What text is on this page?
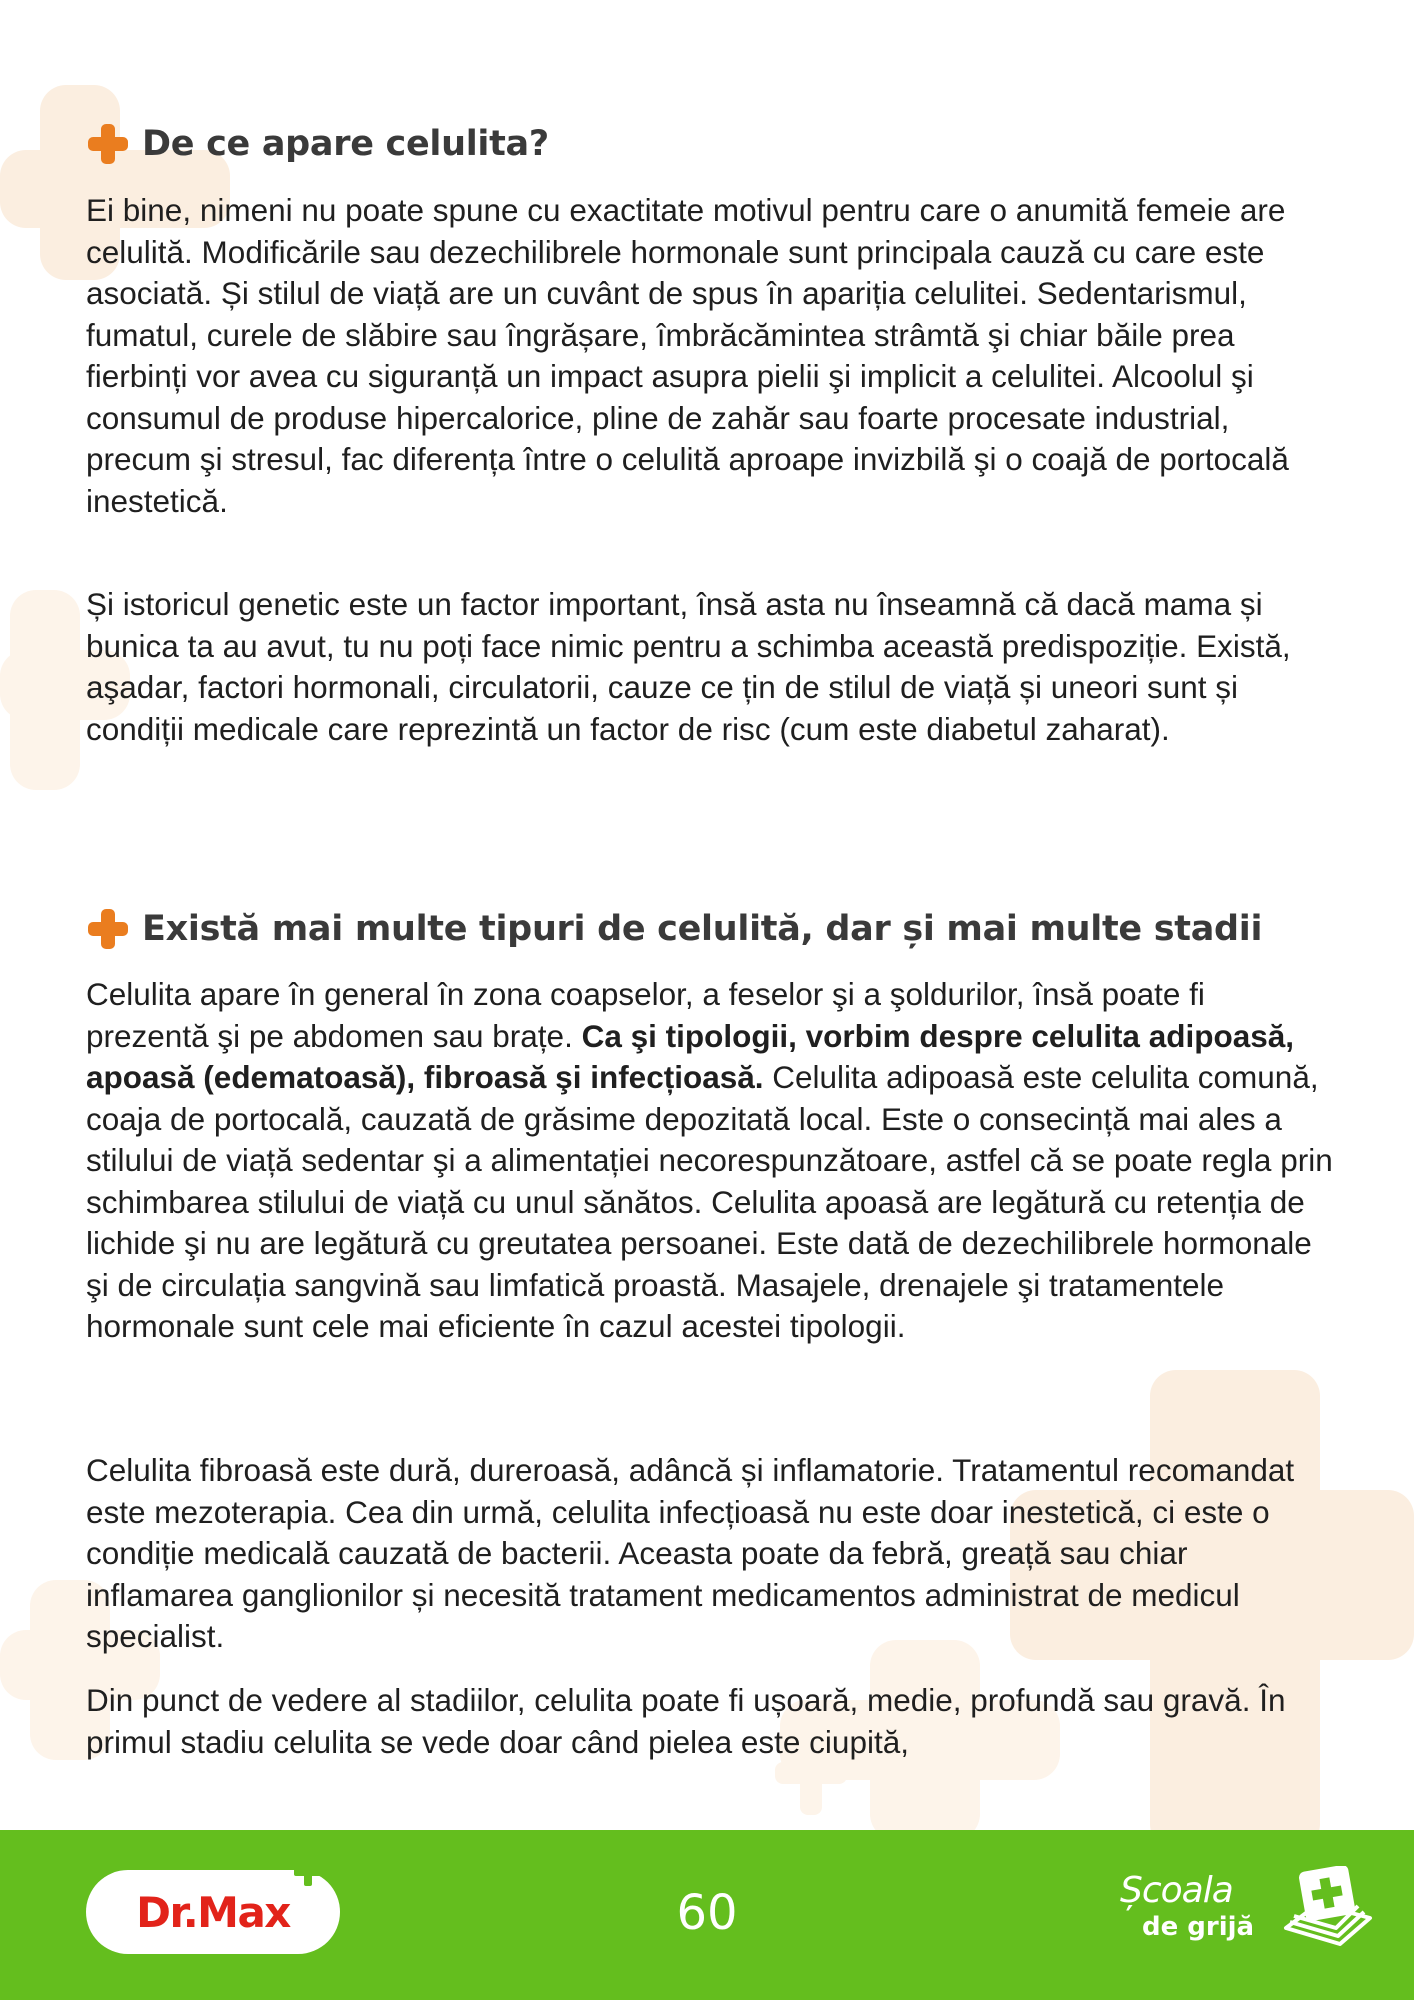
De ce apare celulita?

Ei bine, nimeni nu poate spune cu exactitate motivul pentru care o anumită femeie are celulită. Modificările sau dezechilibrele hormonale sunt principala cauză cu care este asociată. Și stilul de viață are un cuvânt de spus în apariția celulitei. Sedentarismul, fumatul, curele de slăbire sau îngrășare, îmbrăcămintea strâmtă şi chiar băile prea fierbinți vor avea cu siguranță un impact asupra pielii şi implicit a celulitei. Alcoolul şi consumul de produse hipercalorice, pline de zahăr sau foarte procesate industrial, precum şi stresul, fac diferența între o celulită aproape invizbilă şi o coajă de portocală inestetică.

Și istoricul genetic este un factor important, însă asta nu înseamnă că dacă mama și bunica ta au avut, tu nu poți face nimic pentru a schimba această predispoziție. Există, aşadar, factori hormonali, circulatorii, cauze ce țin de stilul de viață și uneori sunt și condiții medicale care reprezintă un factor de risc (cum este diabetul zaharat).

Există mai multe tipuri de celulită, dar și mai multe stadii

Celulita apare în general în zona coapselor, a feselor şi a şoldurilor, însă poate fi prezentă şi pe abdomen sau brațe. Ca şi tipologii, vorbim despre celulita adipoasă, apoasă (edematoasă), fibroasă şi infecțioasă. Celulita adipoasă este celulita comună, coaja de portocală, cauzată de grăsime depozitată local. Este o consecință mai ales a stilului de viață sedentar şi a alimentației necorespunzătoare, astfel că se poate regla prin schimbarea stilului de viață cu unul sănătos. Celulita apoasă are legătură cu retenția de lichide şi nu are legătură cu greutatea persoanei. Este dată de dezechilibrele hormonale şi de circulația sangvină sau limfatică proastă. Masajele, drenajele şi tratamentele hormonale sunt cele mai eficiente în cazul acestei tipologii.

Celulita fibroasă este dură, dureroasă, adâncă și inflamatorie. Tratamentul recomandat este mezoterapia. Cea din urmă, celulita infecțioasă nu este doar inestetică, ci este o condiție medicală cauzată de bacterii. Aceasta poate da febră, greață sau chiar inflamarea ganglionilor și necesită tratament medicamentos administrat de medicul specialist.

Din punct de vedere al stadiilor, celulita poate fi ușoară, medie, profundă sau gravă. În primul stadiu celulita se vede doar când pielea este ciupită,

Dr.Max	60	Școala
de grijă
